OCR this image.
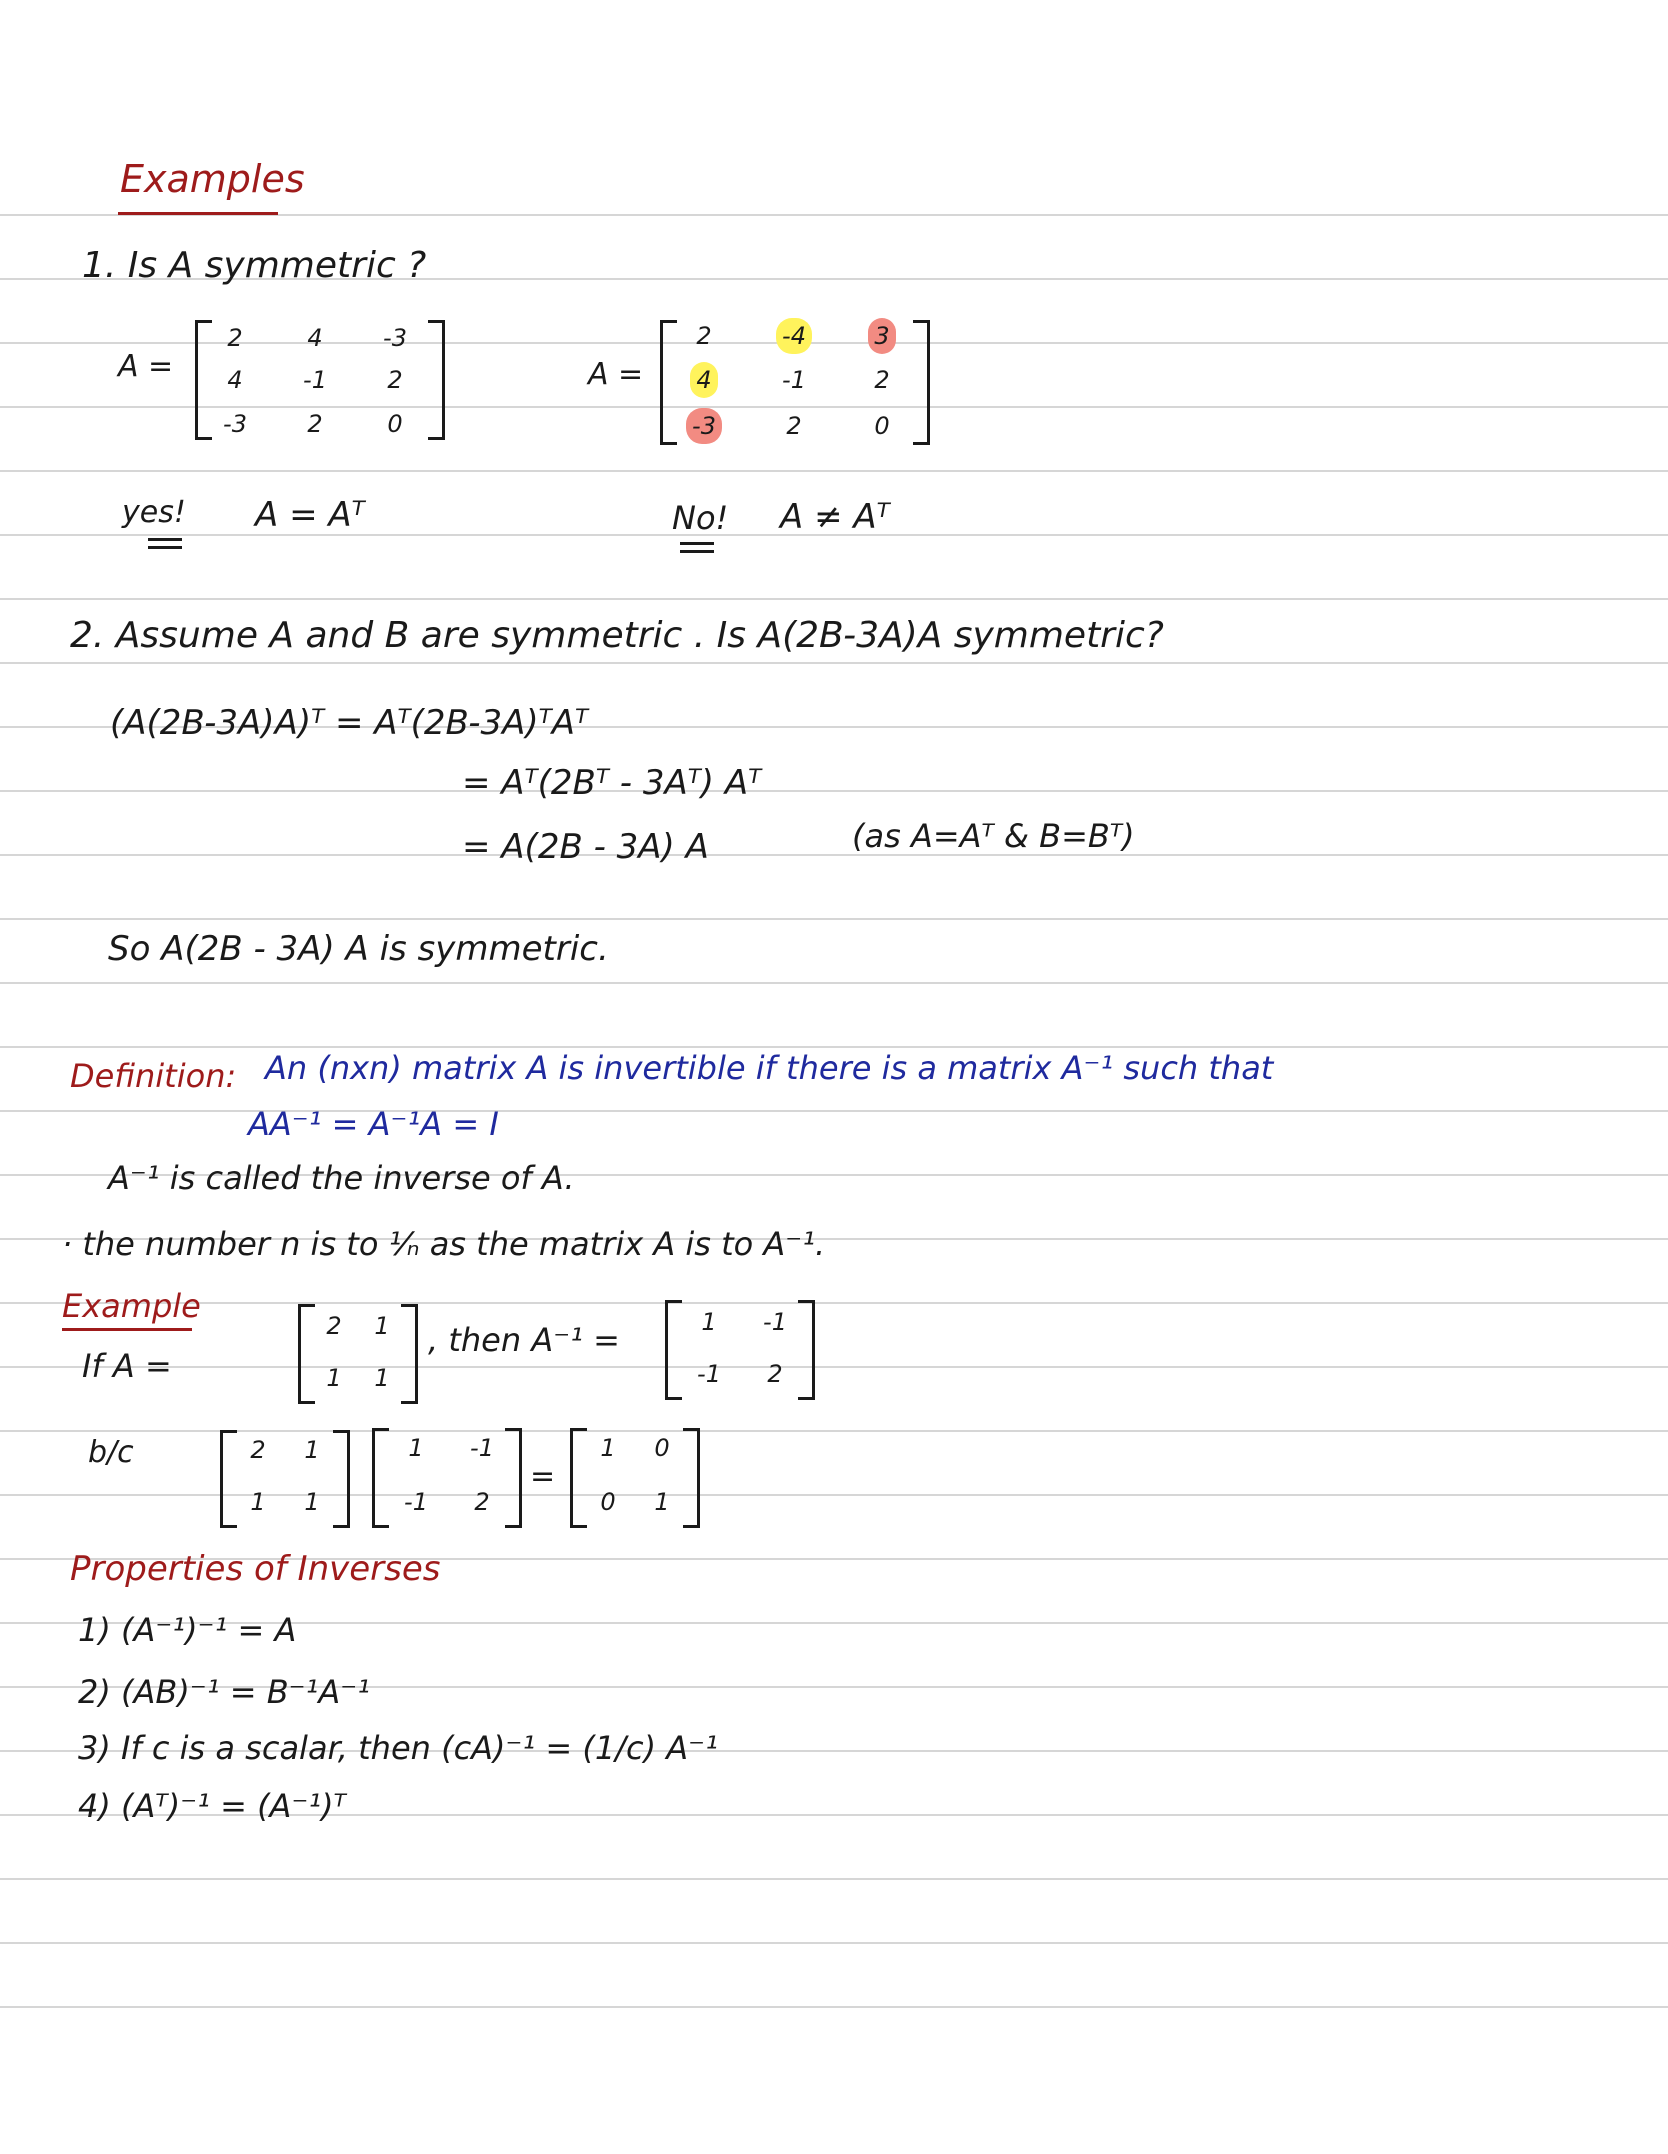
Examples
1. Is A symmetric ?
A =
2	4	-3
4	-1	2
-3	2	0
A =
2	-4	3
4	-1	2
-3	2	0
yes! A = Aᵀ	No! A ≠ Aᵀ
2. Assume A and B are symmetric . Is A(2B-3A)A symmetric?
(A(2B-3A)A)ᵀ = Aᵀ(2B-3A)ᵀAᵀ
= Aᵀ(2Bᵀ - 3Aᵀ) Aᵀ
= A(2B - 3A) A	(as A=Aᵀ & B=Bᵀ)
So A(2B - 3A) A is symmetric.
Definition: An (nxn) matrix A is invertible if there is a matrix A⁻¹ such that
AA⁻¹ = A⁻¹A = I
A⁻¹ is called the inverse of A.
· the number n is to ¹⁄ₙ as the matrix A is to A⁻¹.
Example
If A =
2	1
1	1
, then A⁻¹ =	1	-1
-1	2
b/c	2	1
1	1
1	-1
-1	2
=
1	0
0	1
Properties of Inverses
1) (A⁻¹)⁻¹ = A
2) (AB)⁻¹ = B⁻¹A⁻¹
3) If c is a scalar, then (cA)⁻¹ = (1/c) A⁻¹
4) (Aᵀ)⁻¹ = (A⁻¹)ᵀ
